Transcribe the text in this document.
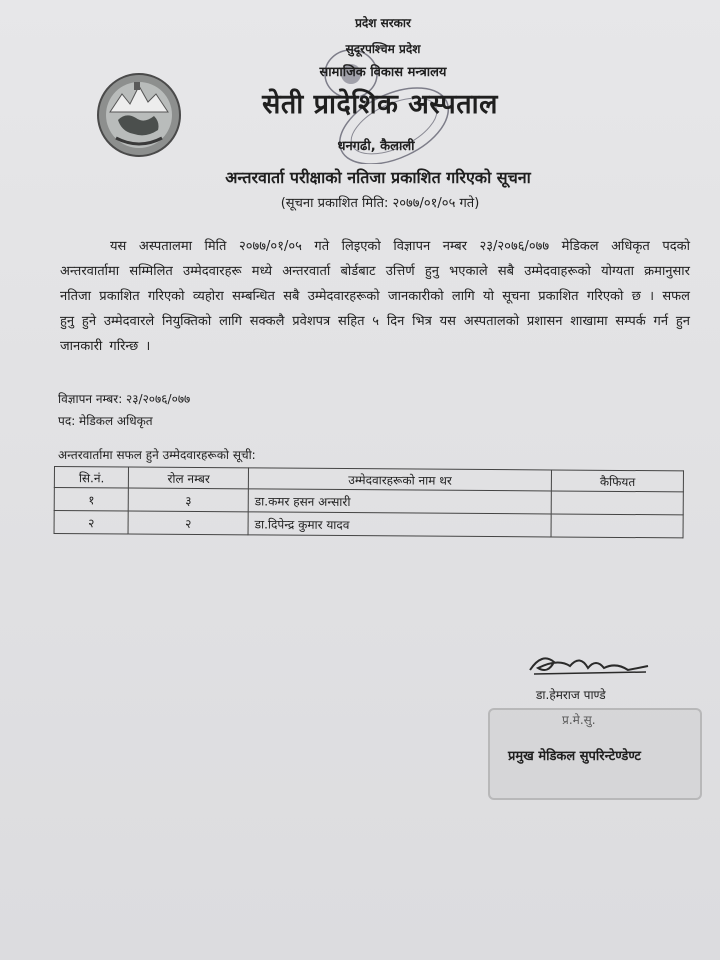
प्रदेश सरकार
सुदूरपश्चिम प्रदेश
सामाजिक विकास मन्त्रालय
सेती प्रादेशिक अस्पताल
धनगढी, कैलाली
अन्तरवार्ता परीक्षाको नतिजा प्रकाशित गरिएको सूचना
(सूचना प्रकाशित मिति: २०७७/०१/०५ गते)
यस अस्पतालमा मिति २०७७/०१/०५ गते लिइएको विज्ञापन नम्बर २३/२०७६/०७७ मेडिकल अधिकृत पदको अन्तरवार्तामा सम्मिलित उम्मेदवारहरू मध्ये अन्तरवार्ता बोर्डबाट उत्तिर्ण हुनु भएकाले सबै उम्मेदवाहरूको योग्यता क्रमानुसार नतिजा प्रकाशित गरिएको व्यहोरा सम्बन्धित सबै उम्मेदवारहरूको जानकारीको लागि यो सूचना प्रकाशित गरिएको छ । सफल हुनु हुने उम्मेदवारले नियुक्तिको लागि सक्कलै प्रवेशपत्र सहित ५ दिन भित्र यस अस्पतालको प्रशासन शाखामा सम्पर्क गर्न हुन जानकारी गरिन्छ ।
विज्ञापन नम्बर: २३/२०७६/०७७
पद: मेडिकल अधिकृत
अन्तरवार्तामा सफल हुने उम्मेदवारहरूको सूची:
सि.नं.	रोल नम्बर	उम्मेदवारहरूको नाम थर	कैफियत
१	३	डा.कमर हसन अन्सारी	
२	२	डा.दिपेन्द्र कुमार यादव	
डा.हेमराज पाण्डे
प्र.मे.सु.
प्रमुख मेडिकल सुपरिन्टेण्डेण्ट
